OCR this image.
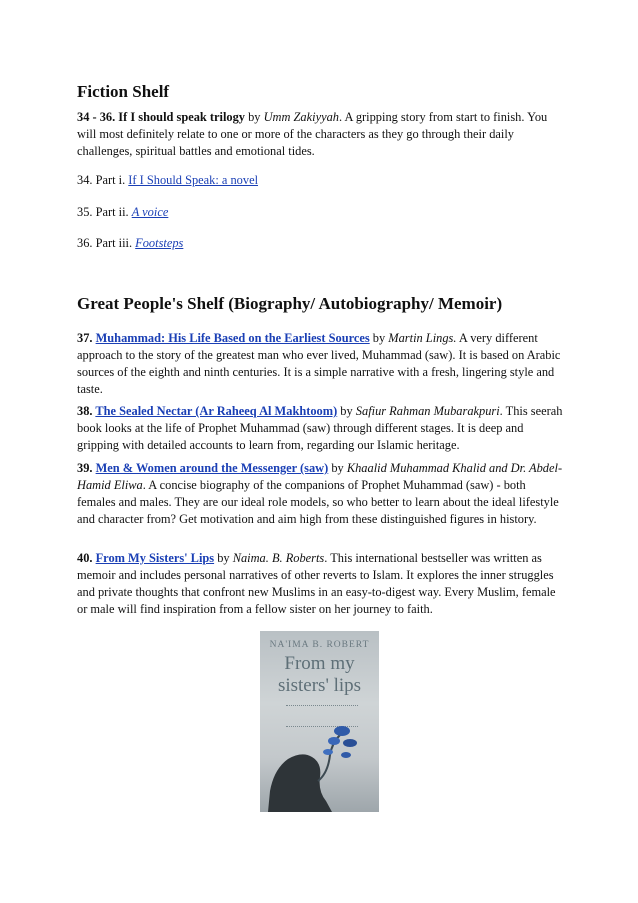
Fiction Shelf

34 - 36. If I should speak trilogy by Umm Zakiyyah. A gripping story from start to finish. You will most definitely relate to one or more of the characters as they go through their daily challenges, spiritual battles and emotional tides.

34. Part i. If I Should Speak: a novel

35. Part ii. A voice

36. Part iii. Footsteps

Great People's Shelf (Biography/ Autobiography/ Memoir)

37. Muhammad: His Life Based on the Earliest Sources by Martin Lings. A very different approach to the story of the greatest man who ever lived, Muhammad (saw). It is based on Arabic sources of the eighth and ninth centuries. It is a simple narrative with a fresh, lingering style and taste.

38. The Sealed Nectar (Ar Raheeq Al Makhtoom) by Safiur Rahman Mubarakpuri. This seerah book looks at the life of Prophet Muhammad (saw) through different stages. It is deep and gripping with detailed accounts to learn from, regarding our Islamic heritage.

39. Men & Women around the Messenger (saw) by Khaalid Muhammad Khalid and Dr. Abdel-Hamid Eliwa. A concise biography of the companions of Prophet Muhammad (saw) - both females and males. They are our ideal role models, so who better to learn about the ideal lifestyle and character from? Get motivation and aim high from these distinguished figures in history.

40. From My Sisters' Lips by Naima. B. Roberts. This international bestseller was written as memoir and includes personal narratives of other reverts to Islam. It explores the inner struggles and private thoughts that confront new Muslims in an easy-to-digest way. Every Muslim, female or male will find inspiration from a fellow sister on her journey to faith.

NA'IMA B. ROBERT
From my
sisters' lips
